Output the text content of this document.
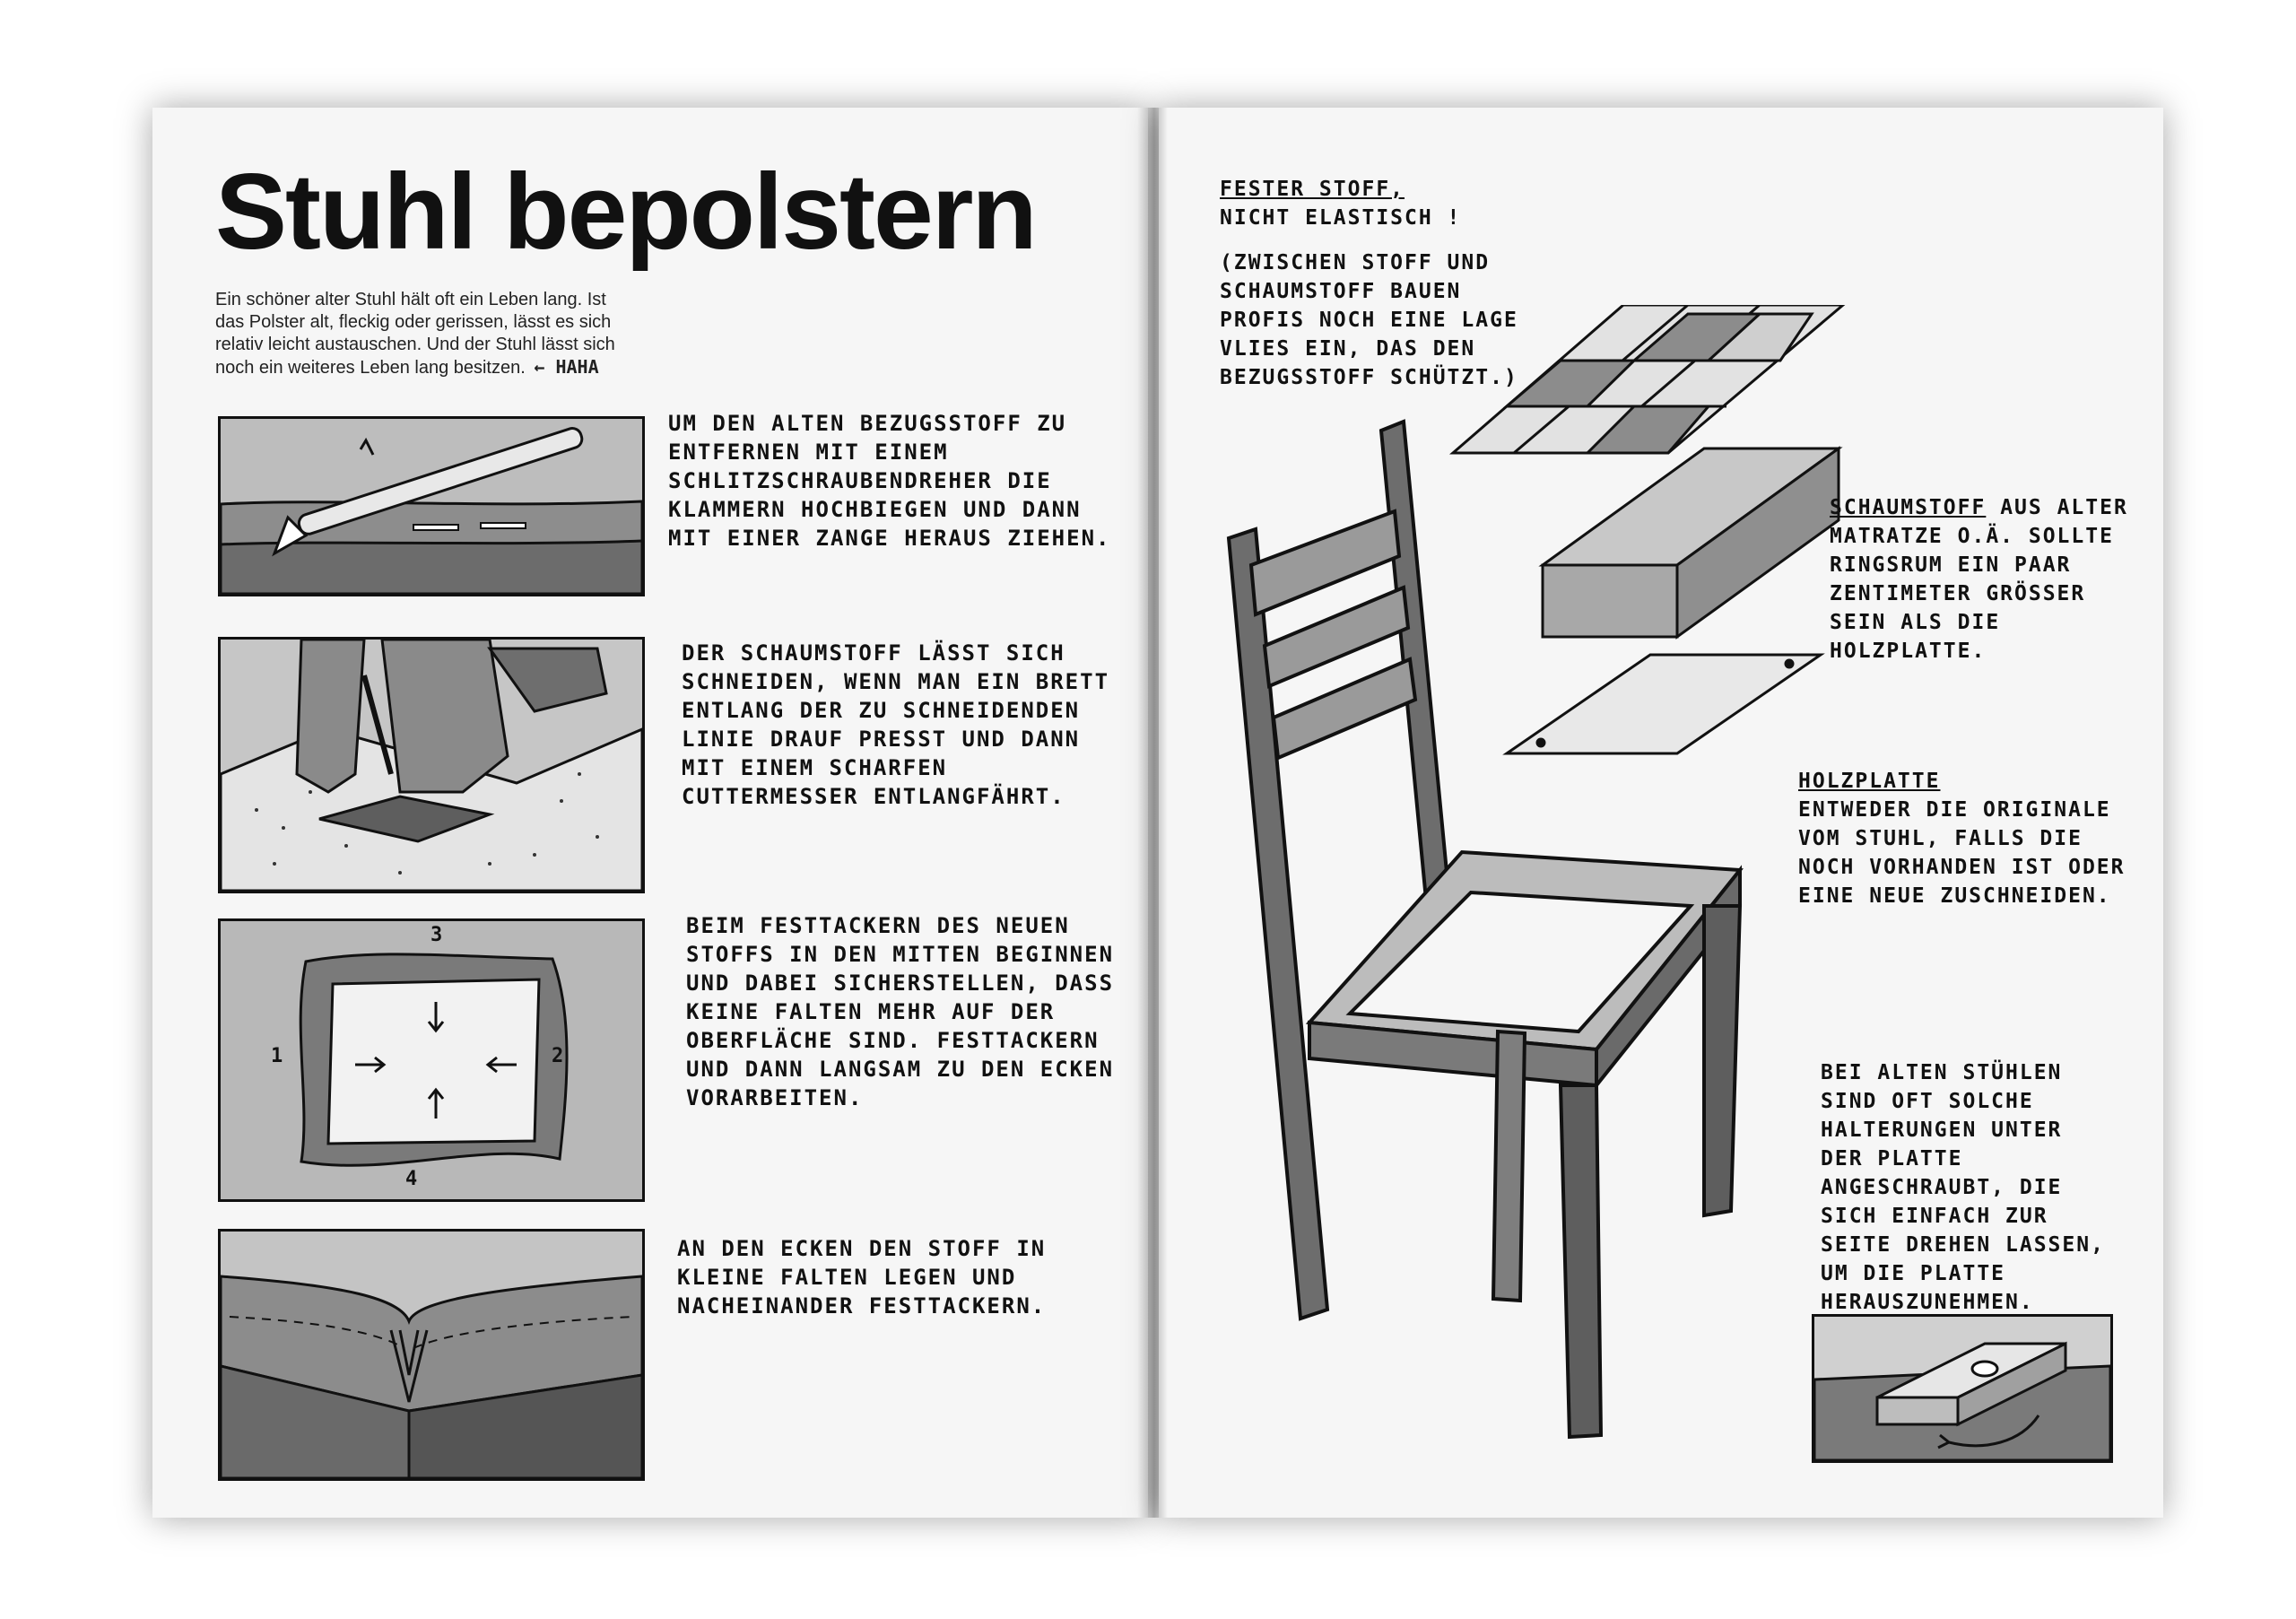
Stuhl bepolstern
Ein schöner alter Stuhl hält oft ein Leben lang. Ist das Polster alt, fleckig oder gerissen, lässt es sich relativ leicht austauschen. Und der Stuhl lässt sich noch ein weiteres Leben lang besitzen. ← HAHA
UM DEN ALTEN BEZUGSSTOFF ZU ENTFERNEN MIT EINEM SCHLITZSCHRAUBENDREHER DIE KLAMMERN HOCHBIEGEN UND DANN MIT EINER ZANGE HERAUS ZIEHEN.
DER SCHAUMSTOFF LÄSST SICH SCHNEIDEN, WENN MAN EIN BRETT ENTLANG DER ZU SCHNEIDENDEN LINIE DRAUF PRESST UND DANN MIT EINEM SCHARFEN CUTTERMESSER ENTLANGFÄHRT.
3
1	2
4
BEIM FESTTACKERN DES NEUEN STOFFS IN DEN MITTEN BEGINNEN UND DABEI SICHERSTELLEN, DASS KEINE FALTEN MEHR AUF DER OBERFLÄCHE SIND. FESTTACKERN UND DANN LANGSAM ZU DEN ECKEN VORARBEITEN.
AN DEN ECKEN DEN STOFF IN KLEINE FALTEN LEGEN UND NACHEINANDER FESTTACKERN.
FESTER STOFF,
NICHT ELASTISCH !
(ZWISCHEN STOFF UND SCHAUMSTOFF BAUEN PROFIS NOCH EINE LAGE VLIES EIN, DAS DEN BEZUGSSTOFF SCHÜTZT.)
SCHAUMSTOFF AUS ALTER MATRATZE O.Ä. SOLLTE RINGSRUM EIN PAAR ZENTIMETER GRÖSSER SEIN ALS DIE HOLZPLATTE.
HOLZPLATTE
ENTWEDER DIE ORIGINALE VOM STUHL, FALLS DIE NOCH VORHANDEN IST ODER EINE NEUE ZUSCHNEIDEN.
BEI ALTEN STÜHLEN SIND OFT SOLCHE HALTERUNGEN UNTER DER PLATTE ANGESCHRAUBT, DIE SICH EINFACH ZUR SEITE DREHEN LASSEN, UM DIE PLATTE HERAUSZUNEHMEN.
